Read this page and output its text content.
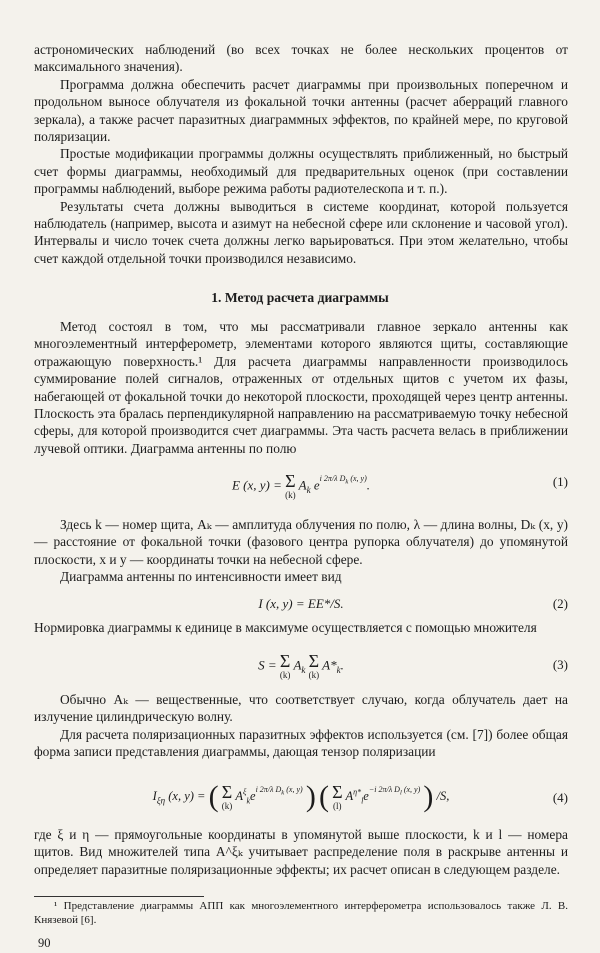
астрономических наблюдений (во всех точках не более нескольких процентов от максимального значения).

Программа должна обеспечить расчет диаграммы при произвольных поперечном и продольном выносе облучателя из фокальной точки антенны (расчет аберраций главного зеркала), а также расчет паразитных диаграммных эффектов, по крайней мере, по круговой поляризации.

Простые модификации программы должны осуществлять приближенный, но быстрый счет формы диаграммы, необходимый для предварительных оценок (при составлении программы наблюдений, выборе режима работы радиотелескопа и т. п.).

Результаты счета должны выводиться в системе координат, которой пользуется наблюдатель (например, высота и азимут на небесной сфере или склонение и часовой угол). Интервалы и число точек счета должны легко варьироваться. При этом желательно, чтобы счет каждой отдельной точки производился независимо.

1. Метод расчета диаграммы

Метод состоял в том, что мы рассматривали главное зеркало антенны как многоэлементный интерферометр, элементами которого являются щиты, составляющие отражающую поверхность.¹ Для расчета диаграммы направленности производилось суммирование полей сигналов, отраженных от отдельных щитов с учетом их фазы, набегающей от фокальной точки до некоторой плоскости, проходящей через центр антенны. Плоскость эта бралась перпендикулярной направлению на рассматриваемую точку небесной сферы, для которой производится счет диаграммы. Эта часть расчета велась в приближении лучевой оптики. Диаграмма антенны по полю

E (x, y) = Σ
(k)
$A_k$ $e^{i 2\pi/\lambda D_k (x, y)}$.	(1)

Здесь k — номер щита, Aₖ — амплитуда облучения по полю, λ — длина волны, Dₖ (x, y) — расстояние от фокальной точки (фазового центра рупорка облучателя) до упомянутой плоскости, x и y — координаты точки на небесной сфере.

Диаграмма антенны по интенсивности имеет вид

I (x, y) = EE*/S.	(2)

Нормировка диаграммы к единице в максимуме осуществляется с помощью множителя

S = Σ
(k)
$A_k$ Σ
(k)
$A*_k$.	(3)

Обычно Aₖ — вещественные, что соответствует случаю, когда облучатель дает на излучение цилиндрическую волну.

Для расчета поляризационных паразитных эффектов используется (см. [7]) более общая форма записи представления диаграммы, дающая тензор поляризации

$I_{\xi\eta}$ (x, y) = ( Σ
(k)
$A^\xi_ke^{i 2\pi/\lambda D_k (x, y)}$ ) ( Σ
(l)
$A^{\eta*}_le^{-i 2\pi/\lambda D_l (x, y)}$ ) /S,	(4)

где ξ и η — прямоугольные координаты в упомянутой выше плоскости, k и l — номера щитов. Вид множителей типа A^ξₖ учитывает распределение поля в раскрыве антенны и определяет паразитные поляризационные эффекты; их расчет описан в следующем разделе.

¹ Представление диаграммы АПП как многоэлементного интерферометра использовалось также Л. В. Князевой [6].

90
